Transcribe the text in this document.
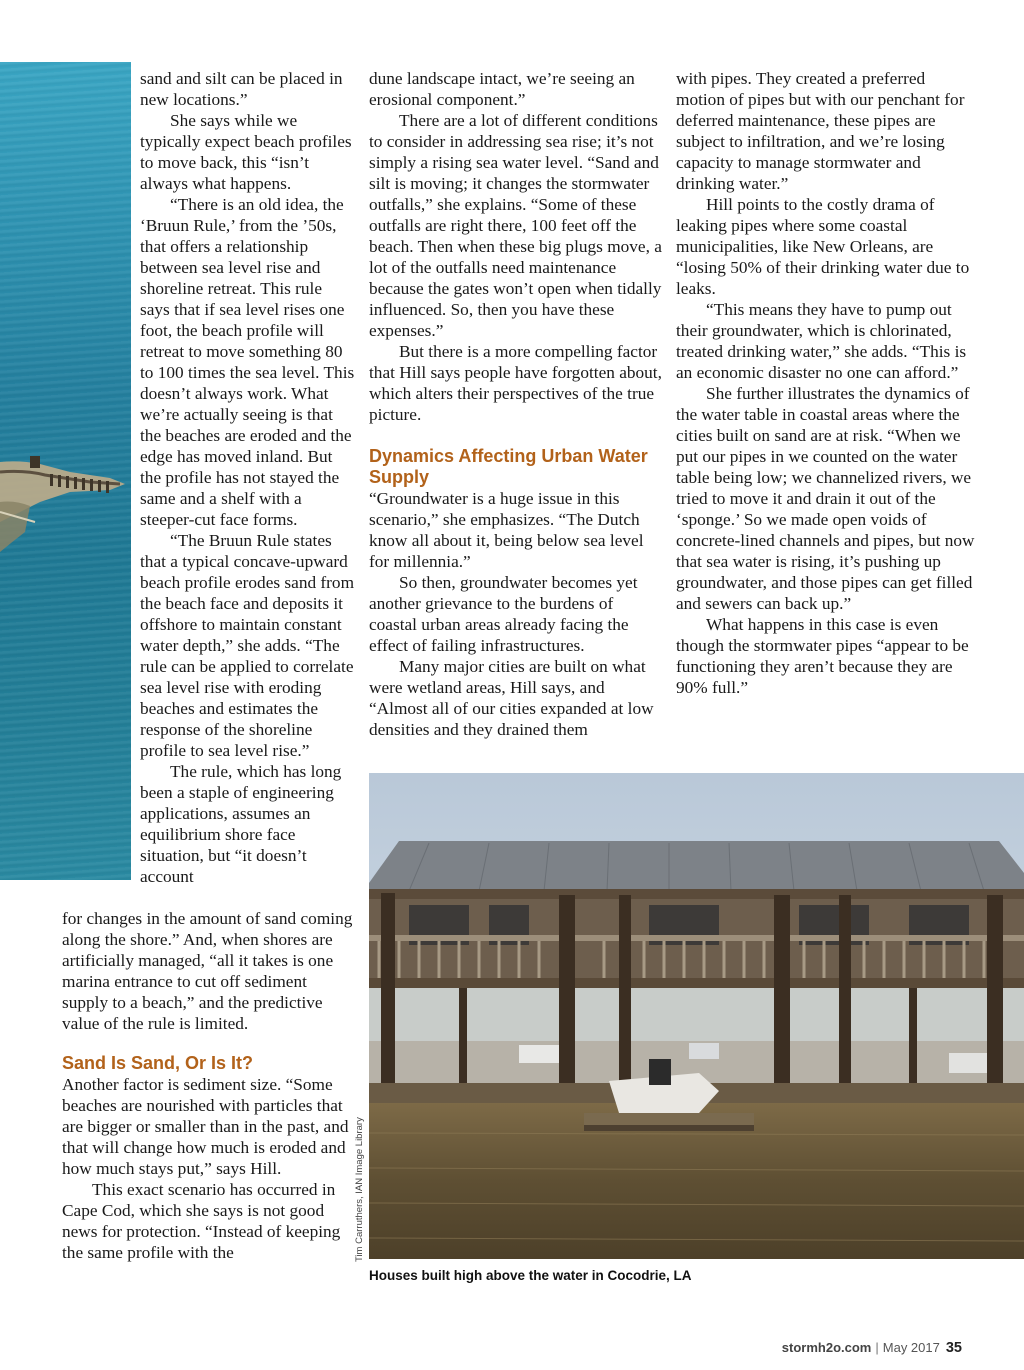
sand and silt can be placed in new locations.”

She says while we typically expect beach profiles to move back, this “isn’t always what happens.

“There is an old idea, the ‘Bruun Rule,’ from the ’50s, that offers a relationship between sea level rise and shoreline retreat. This rule says that if sea level rises one foot, the beach profile will retreat to move something 80 to 100 times the sea level. This doesn’t always work. What we’re actually seeing is that the beaches are eroded and the edge has moved inland. But the profile has not stayed the same and a shelf with a steeper-cut face forms.

“The Bruun Rule states that a typical concave-upward beach profile erodes sand from the beach face and deposits it offshore to maintain constant water depth,” she adds. “The rule can be applied to correlate sea level rise with eroding beaches and estimates the response of the shoreline profile to sea level rise.”

The rule, which has long been a staple of engineering applications, assumes an equilibrium shore face situation, but “it doesn’t account

for changes in the amount of sand coming along the shore.” And, when shores are artificially managed, “all it takes is one marina entrance to cut off sediment supply to a beach,” and the predictive value of the rule is limited.

Sand Is Sand, Or Is It?

Another factor is sediment size. “Some beaches are nourished with particles that are bigger or smaller than in the past, and that will change how much is eroded and how much stays put,” says Hill.

This exact scenario has occurred in Cape Cod, which she says is not good news for protection. “Instead of keeping the same profile with the

dune landscape intact, we’re seeing an erosional component.”

There are a lot of different conditions to consider in addressing sea rise; it’s not simply a rising sea water level. “Sand and silt is moving; it changes the stormwater outfalls,” she explains. “Some of these outfalls are right there, 100 feet off the beach. Then when these big plugs move, a lot of the outfalls need maintenance because the gates won’t open when tidally influenced. So, then you have these expenses.”

But there is a more compelling factor that Hill says people have forgotten about, which alters their perspectives of the true picture.

Dynamics Affecting Urban Water Supply

“Groundwater is a huge issue in this scenario,” she emphasizes. “The Dutch know all about it, being below sea level for millennia.”

So then, groundwater becomes yet another grievance to the burdens of coastal urban areas already facing the effect of failing infrastructures.

Many major cities are built on what were wetland areas, Hill says, and “Almost all of our cities expanded at low densities and they drained them

with pipes. They created a preferred motion of pipes but with our penchant for deferred maintenance, these pipes are subject to infiltration, and we’re losing capacity to manage stormwater and drinking water.”

Hill points to the costly drama of leaking pipes where some coastal municipalities, like New Orleans, are “losing 50% of their drinking water due to leaks.

“This means they have to pump out their groundwater, which is chlorinated, treated drinking water,” she adds. “This is an economic disaster no one can afford.”

She further illustrates the dynamics of the water table in coastal areas where the cities built on sand are at risk. “When we put our pipes in we counted on the water table being low; we channelized rivers, we tried to move it and drain it out of the ‘sponge.’ So we made open voids of concrete-lined channels and pipes, but now that sea water is rising, it’s pushing up groundwater, and those pipes can get filled and sewers can back up.”

What happens in this case is even though the stormwater pipes “appear to be functioning they aren’t because they are 90% full.”

Tim Carruthers, IAN Image Library
Houses built high above the water in Cocodrie, LA
stormh2o.com | May 2017 35
